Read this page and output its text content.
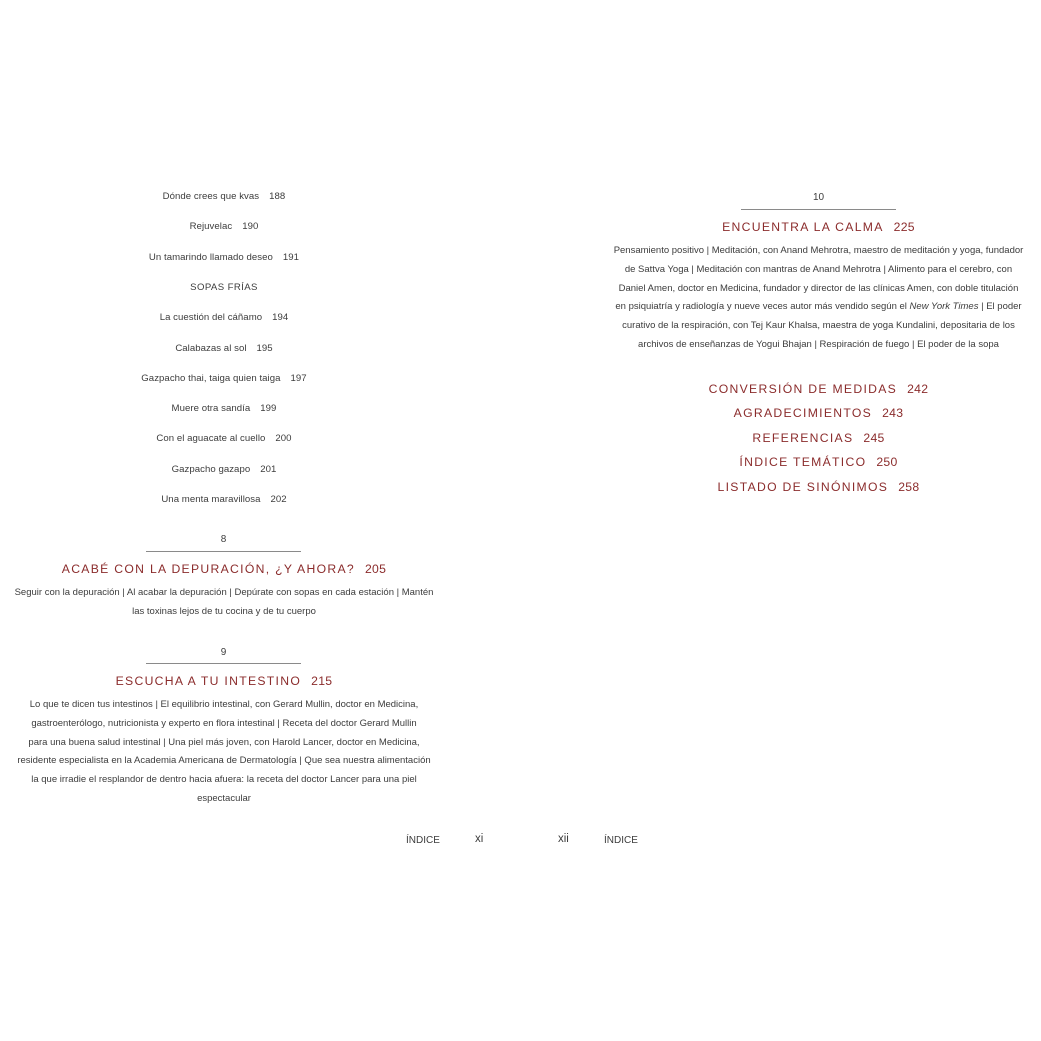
Dónde crees que kvas 188
Rejuvelac 190
Un tamarindo llamado deseo 191
SOPAS FRÍAS
La cuestión del cáñamo 194
Calabazas al sol 195
Gazpacho thai, taiga quien taiga 197
Muere otra sandía 199
Con el aguacate al cuello 200
Gazpacho gazapo 201
Una menta maravillosa 202
8
ACABÉ CON LA DEPURACIÓN, ¿Y AHORA? 205
Seguir con la depuración | Al acabar la depuración | Depúrate con sopas en cada estación | Mantén
las toxinas lejos de tu cocina y de tu cuerpo
9
ESCUCHA A TU INTESTINO 215
Lo que te dicen tus intestinos | El equilibrio intestinal, con Gerard Mullin, doctor en Medicina,
gastroenterólogo, nutricionista y experto en flora intestinal | Receta del doctor Gerard Mullin
para una buena salud intestinal | Una piel más joven, con Harold Lancer, doctor en Medicina,
residente especialista en la Academia Americana de Dermatología | Que sea nuestra alimentación
la que irradie el resplandor de dentro hacia afuera: la receta del doctor Lancer para una piel
espectacular
ÍNDICE	xi
10
ENCUENTRA LA CALMA 225
Pensamiento positivo | Meditación, con Anand Mehrotra, maestro de meditación y yoga, fundador
de Sattva Yoga | Meditación con mantras de Anand Mehrotra | Alimento para el cerebro, con
Daniel Amen, doctor en Medicina, fundador y director de las clínicas Amen, con doble titulación
en psiquiatría y radiología y nueve veces autor más vendido según el New York Times | El poder
curativo de la respiración, con Tej Kaur Khalsa, maestra de yoga Kundalini, depositaria de los
archivos de enseñanzas de Yogui Bhajan | Respiración de fuego | El poder de la sopa
CONVERSIÓN DE MEDIDAS 242
AGRADECIMIENTOS 243
REFERENCIAS 245
ÍNDICE TEMÁTICO 250
LISTADO DE SINÓNIMOS 258
xii	ÍNDICE
